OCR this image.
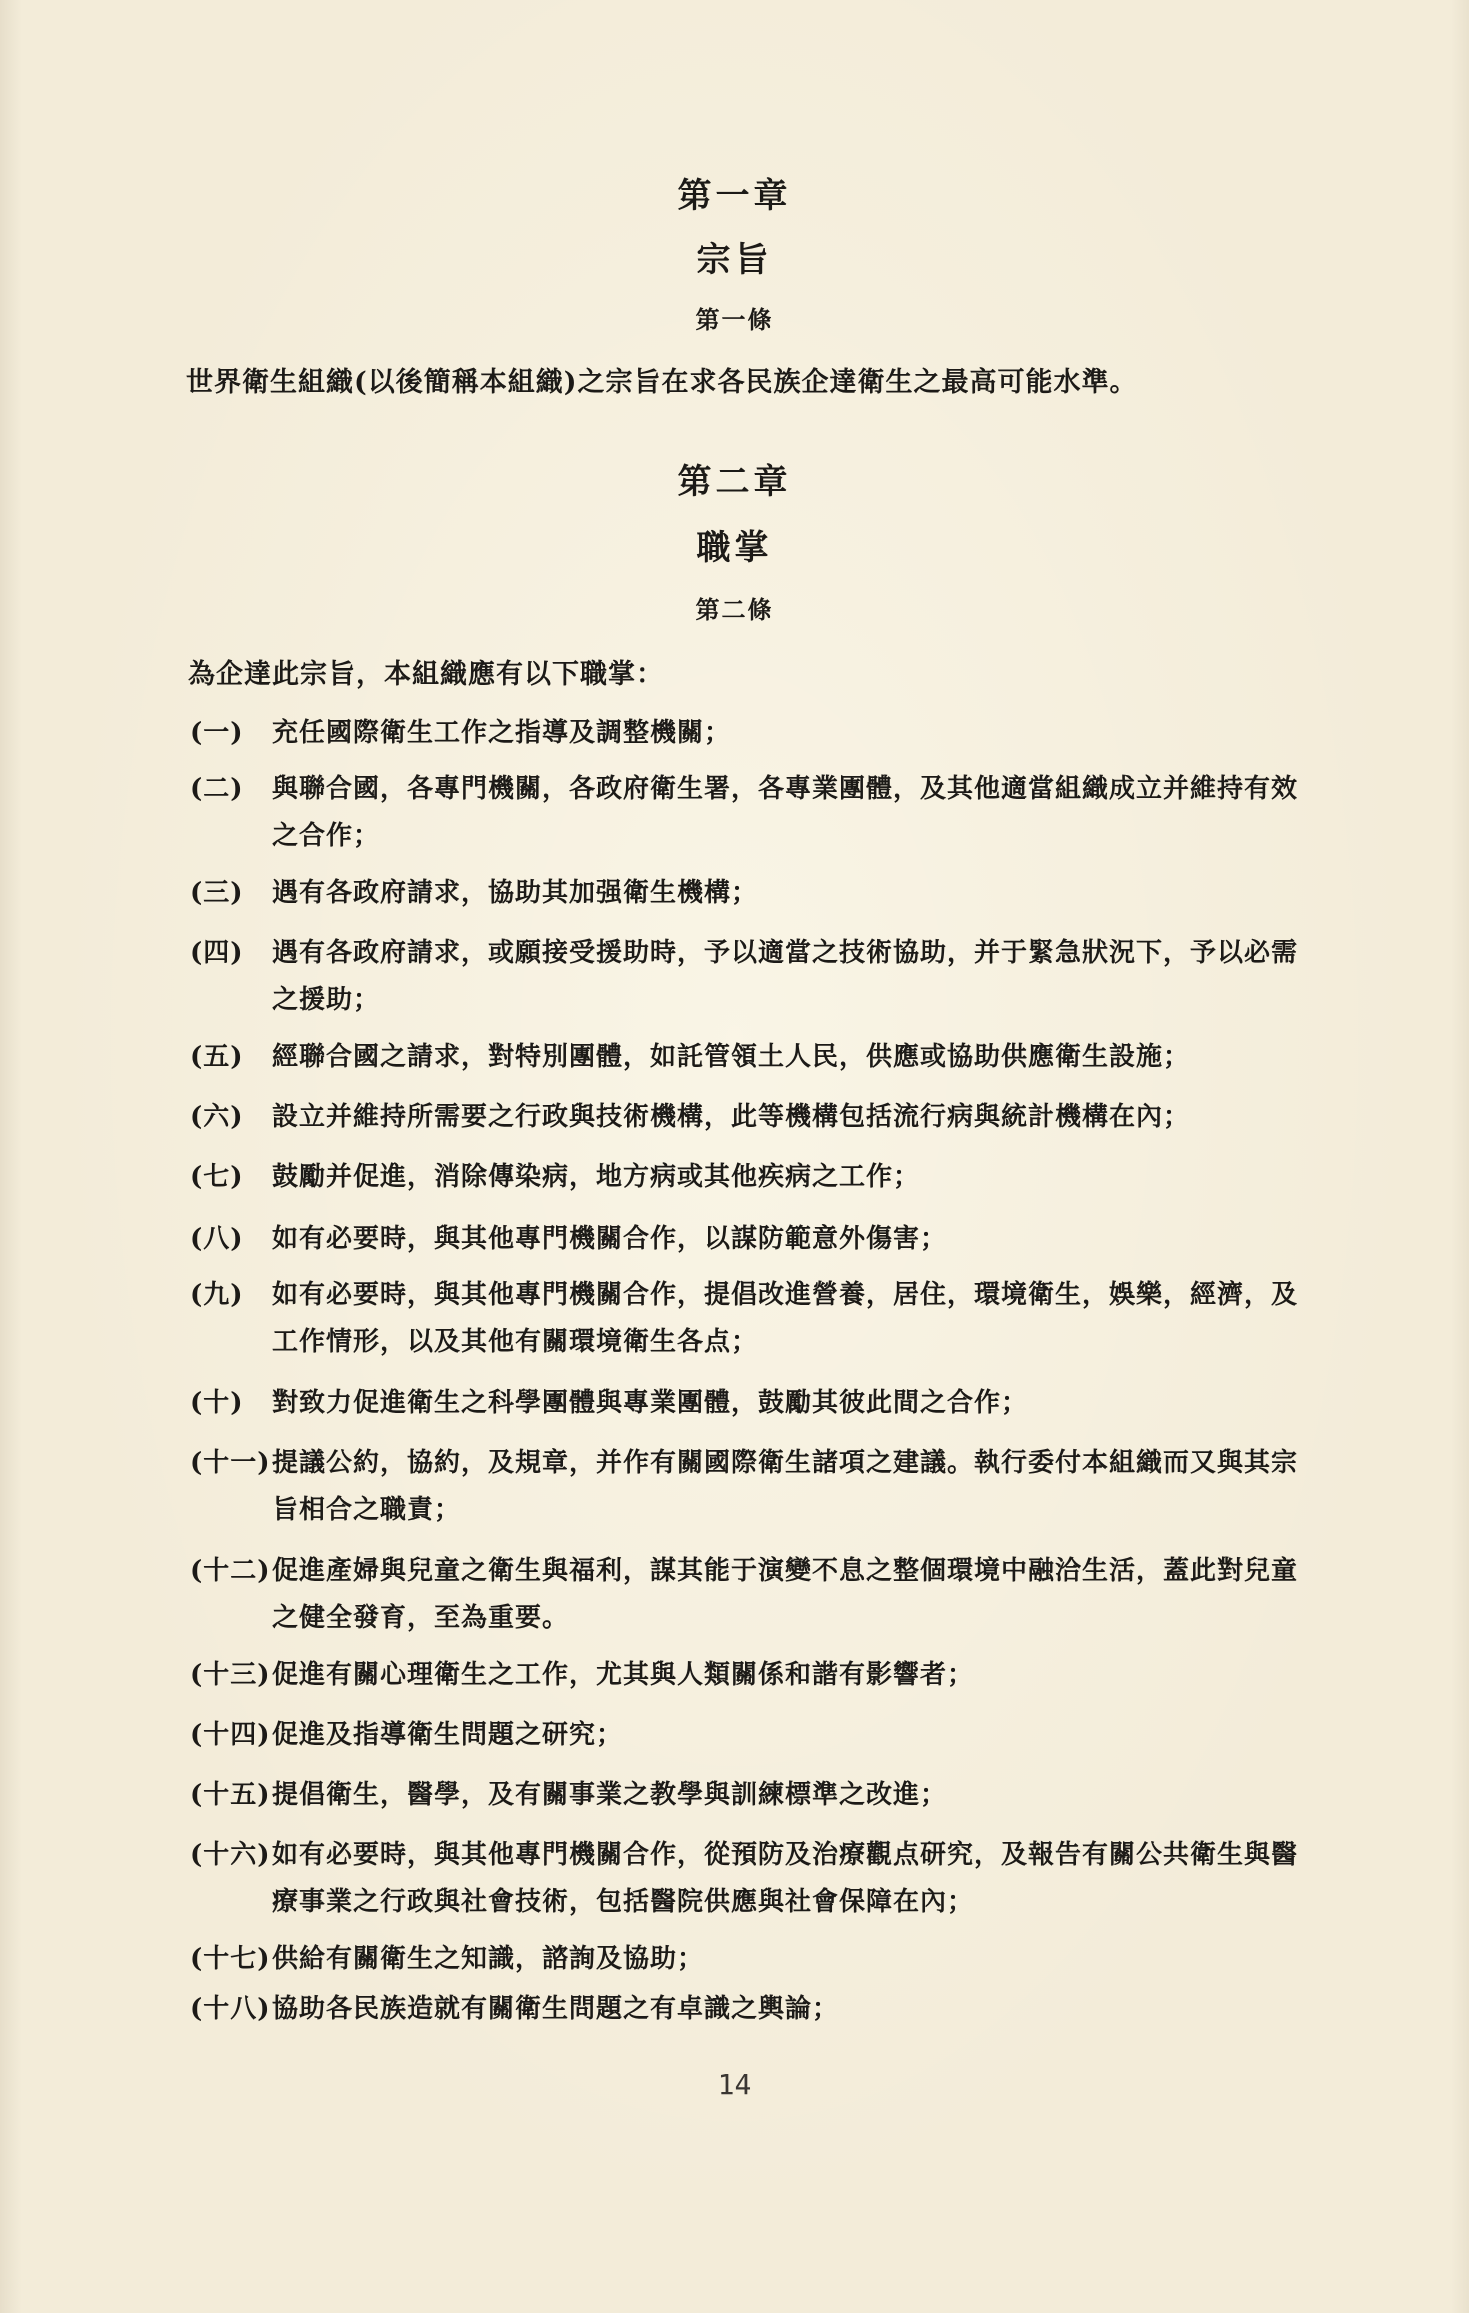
第一章
宗旨
第一條
世界衛生組織(以後簡稱本組織)之宗旨在求各民族企達衛生之最高可能水準。
第二章
職掌
第二條
為企達此宗旨，本組織應有以下職掌：
(一)	充任國際衛生工作之指導及調整機關；
(二)	與聯合國，各專門機關，各政府衛生署，各專業團體，及其他適當組織成立并維持有效之合作；
(三)	遇有各政府請求，協助其加强衛生機構；
(四)	遇有各政府請求，或願接受援助時，予以適當之技術協助，并于緊急狀況下，予以必需之援助；
(五)	經聯合國之請求，對特別團體，如託管領土人民，供應或協助供應衛生設施；
(六)	設立并維持所需要之行政與技術機構，此等機構包括流行病與統計機構在內；
(七)	鼓勵并促進，消除傳染病，地方病或其他疾病之工作；
(八)	如有必要時，與其他專門機關合作，以謀防範意外傷害；
(九)	如有必要時，與其他專門機關合作，提倡改進營養，居住，環境衛生，娛樂，經濟，及工作情形，以及其他有關環境衛生各点；
(十)	對致力促進衛生之科學團體與專業團體，鼓勵其彼此間之合作；
(十一) 提議公約，協約，及規章，并作有關國際衛生諸項之建議。執行委付本組織而又與其宗旨相合之職責；
(十二) 促進產婦與兒童之衛生與福利，謀其能于演變不息之整個環境中融洽生活，蓋此對兒童之健全發育，至為重要。
(十三) 促進有關心理衛生之工作，尤其與人類關係和諧有影響者；
(十四) 促進及指導衛生問題之研究；
(十五) 提倡衛生，醫學，及有關事業之教學與訓練標準之改進；
(十六) 如有必要時，與其他專門機關合作，從預防及治療觀点研究，及報告有關公共衛生與醫療事業之行政與社會技術，包括醫院供應與社會保障在內；
(十七) 供給有關衛生之知識，諮詢及協助；
(十八) 協助各民族造就有關衛生問題之有卓識之輿論；
14
